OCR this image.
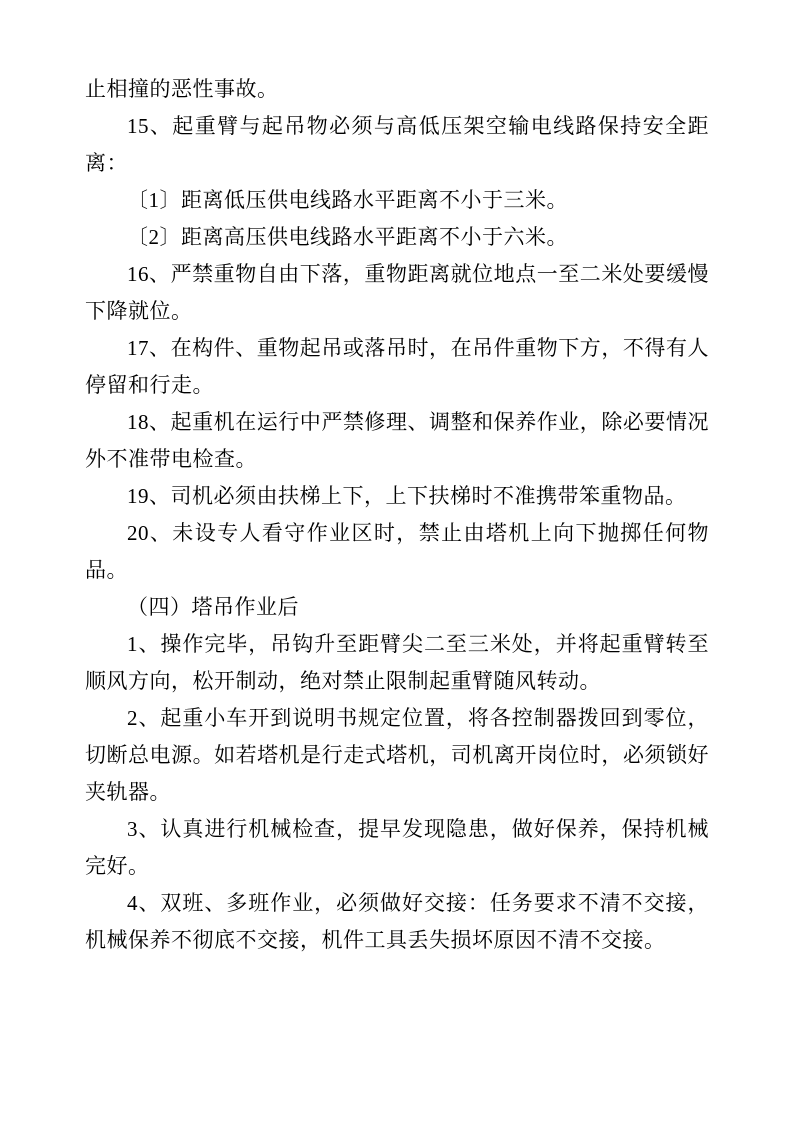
止相撞的恶性事故。

15、起重臂与起吊物必须与高低压架空输电线路保持安全距离：

〔1〕距离低压供电线路水平距离不小于三米。

〔2〕距离高压供电线路水平距离不小于六米。

16、严禁重物自由下落，重物距离就位地点一至二米处要缓慢下降就位。

17、在构件、重物起吊或落吊时，在吊件重物下方，不得有人停留和行走。

18、起重机在运行中严禁修理、调整和保养作业，除必要情况外不准带电检查。

19、司机必须由扶梯上下，上下扶梯时不准携带笨重物品。

20、未设专人看守作业区时，禁止由塔机上向下抛掷任何物品。

（四）塔吊作业后

1、操作完毕，吊钩升至距臂尖二至三米处，并将起重臂转至顺风方向，松开制动，绝对禁止限制起重臂随风转动。

2、起重小车开到说明书规定位置，将各控制器拨回到零位，切断总电源。如若塔机是行走式塔机，司机离开岗位时，必须锁好夹轨器。

3、认真进行机械检查，提早发现隐患，做好保养，保持机械完好。

4、双班、多班作业，必须做好交接：任务要求不清不交接，机械保养不彻底不交接，机件工具丢失损坏原因不清不交接。
